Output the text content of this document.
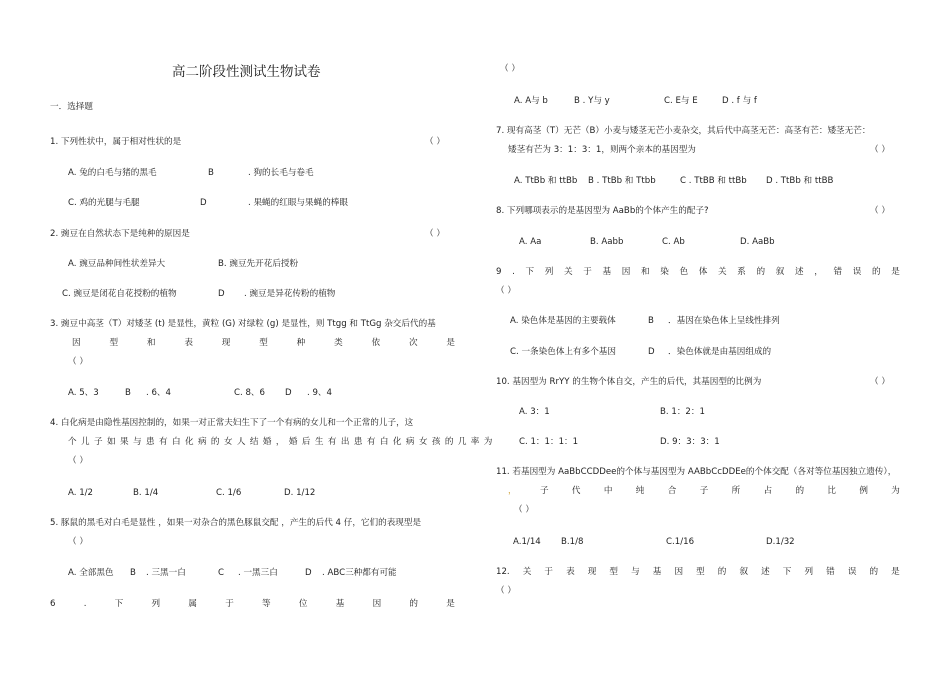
高二阶段性测试生物试卷
一．选择题
1. 下列性状中，属于相对性状的是	（ ）
A. 兔的白毛与猪的黑毛	B	. 狗的长毛与卷毛
C. 鸡的光腿与毛腿	D	. 果蝇的红眼与果蝇的棒眼
2. 豌豆在自然状态下是纯种的原因是	（ ）
A. 豌豆品种间性状差异大	B. 豌豆先开花后授粉
C. 豌豆是闭花自花授粉的植物	D . 豌豆是异花传粉的植物
3. 豌豆中高茎（T）对矮茎 (t) 是显性，黄粒 (G) 对绿粒 (g) 是显性，则 Ttgg 和 TtGg 杂交后代的基
因	型	和	表	现	型	种	类	依	次	是
（ ）
A. 5、3	B . 6、4	C. 8、6 D . 9、4
4. 白化病是由隐性基因控制的，如果一对正常夫妇生下了一个有病的女儿和一个正常的儿子，这
个儿子如果与患有白化病的女人结婚，婚后生有出患有白化病女孩的几率为
（ ）
A. 1/2	B. 1/4	C. 1/6	D. 1/12
5. 豚鼠的黑毛对白毛是显性 ，如果一对杂合的黑色豚鼠交配 ，产生的后代 4 仔，它们的表现型是
（ ）
A. 全部黑色 B . 三黑一白	C . 一黑三白	D . ABC三种都有可能
6	.	下	列	属	于	等	位	基	因	的	是
（ ）
A. A与 b	B . Y与 y	C. E与 E	D . f 与 f
7. 现有高茎（T）无芒（B）小麦与矮茎无芒小麦杂交，其后代中高茎无芒：高茎有芒：矮茎无芒：
矮茎有芒为 3：1：3：1，则两个亲本的基因型为	（ ）
A. TtBb 和 ttBb B . TtBb 和 Ttbb	C . TtBB 和 ttBb D . TtBb 和 ttBB
8. 下列哪项表示的是基因型为 AaBb的个体产生的配子?	（ ）
A. Aa	B. Aabb	C. Ab	D. AaBb
9 . 下 列 关 于 基 因 和 染 色 体 关 系 的 叙 述 ， 错 误 的 是
（ ）
A. 染色体是基因的主要载体	B ．基因在染色体上呈线性排列
C. 一条染色体上有多个基因	D ．染色体就是由基因组成的
10. 基因型为 RrYY 的生物个体自交，产生的后代，其基因型的比例为	（ ）
A. 3：1	B. 1：2：1
C. 1：1：1：1	D. 9：3：3：1
11. 若基因型为 AaBbCCDDee的个体与基因型为 AABbCcDDEe的个体交配（各对等位基因独立遗传），
，	子	代	中	纯	合	子	所	占	的	比	例	为
（ ）
A.1/14 B.1/8	C.1/16	D.1/32
12. 关 于 表 现 型 与 基 因 型 的 叙 述 下 列 错 误 的 是
（ ）
